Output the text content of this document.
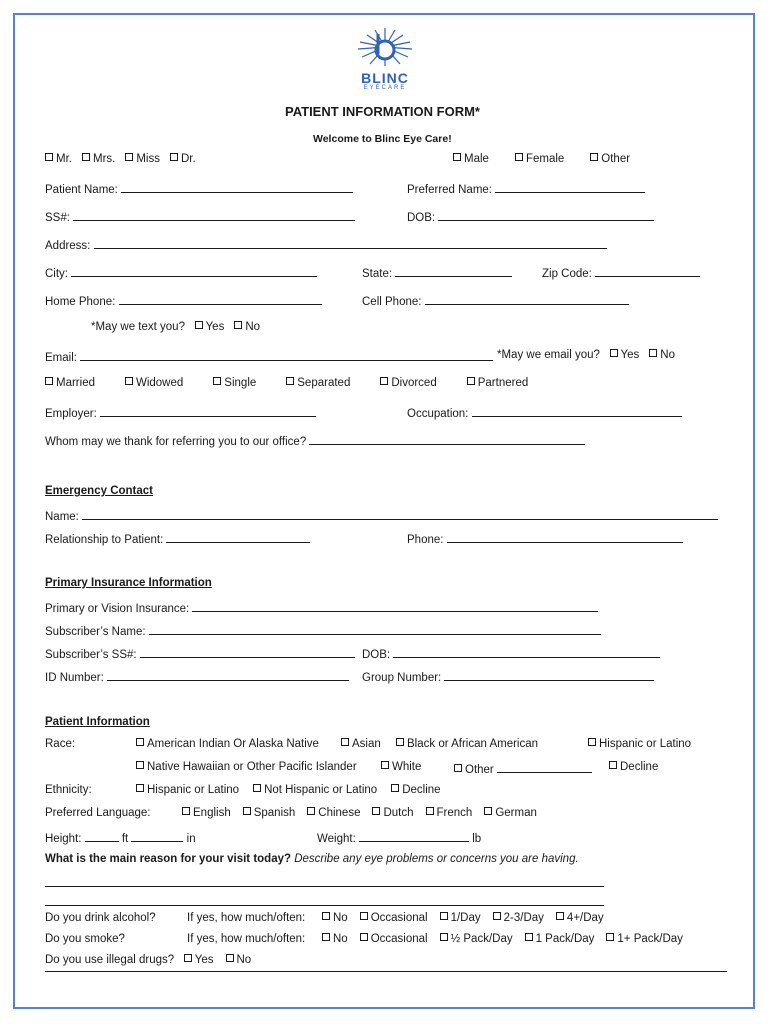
BLINC
EYECARE
PATIENT INFORMATION FORM*
Welcome to Blinc Eye Care!
Mr. Mrs. Miss Dr.	Male	Female	Other
Patient Name:	Preferred Name:
SS#:	DOB:
Address:
City:	State:	Zip Code:
Home Phone:	Cell Phone:
*May we text you? Yes No
Email:	*May we email you? Yes No
Married	Widowed	Single	Separated	Divorced	Partnered
Employer:	Occupation:
Whom may we thank for referring you to our office?
Emergency Contact
Name:
Relationship to Patient:	Phone:
Primary Insurance Information
Primary or Vision Insurance:
Subscriber’s Name:
Subscriber’s SS#:	DOB:
ID Number:	Group Number:
Patient Information
Race:	American Indian Or Alaska Native	Asian	Black or African American	Hispanic or Latino
Native Hawaiian or Other Pacific Islander	White	Other	Decline
Ethnicity:	Hispanic or Latino Not Hispanic or Latino Decline
Preferred Language:	English Spanish Chinese Dutch French German
Height:	ft	in	Weight:	lb
What is the main reason for your visit today? Describe any eye problems or concerns you are having.
Do you drink alcohol?	If yes, how much/often:	No Occasional 1/Day 2-3/Day 4+/Day
Do you smoke?	If yes, how much/often:	No Occasional ½ Pack/Day 1 Pack/Day 1+ Pack/Day
Do you use illegal drugs? Yes No
